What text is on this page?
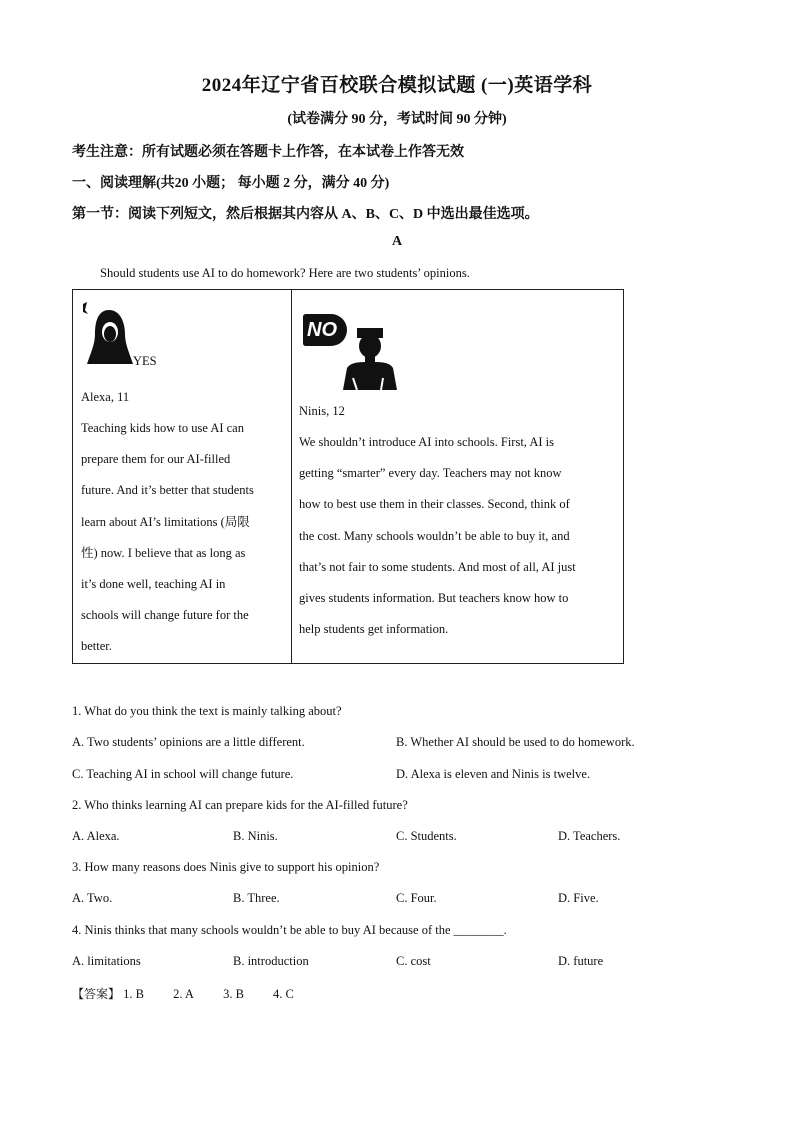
2024年辽宁省百校联合模拟试题 (一)英语学科
(试卷满分 90 分，考试时间 90 分钟)
考生注意：所有试题必须在答题卡上作答，在本试卷上作答无效
一、阅读理解(共20 小题； 每小题 2 分，满分 40 分)
第一节：阅读下列短文，然后根据其内容从 A、B、C、D 中选出最佳选项。
A
Should students use AI to do homework? Here are two students’ opinions.
YES
Alexa, 11
Teaching kids how to use AI can
prepare them for our AI-filled
future. And it’s better that students
learn about AI’s limitations (局限
性) now. I believe that as long as
it’s done well, teaching AI in
schools will change future for the
better.
NO
Ninis, 12
We shouldn’t introduce AI into schools. First, AI is
getting “smarter” every day. Teachers may not know
how to best use them in their classes. Second, think of
the cost. Many schools wouldn’t be able to buy it, and
that’s not fair to some students. And most of all, AI just
gives students information. But teachers know how to
help students get information.
1. What do you think the text is mainly talking about?
A. Two students’ opinions are a little different.	B. Whether AI should be used to do homework.
C. Teaching AI in school will change future.	D. Alexa is eleven and Ninis is twelve.
2. Who thinks learning AI can prepare kids for the AI-filled future?
A. Alexa.	B. Ninis.	C. Students.	D. Teachers.
3. How many reasons does Ninis give to support his opinion?
A. Two.	B. Three.	C. Four.	D. Five.
4. Ninis thinks that many schools wouldn’t be able to buy AI because of the ________.
A. limitations	B. introduction	C. cost	D. future
【答案】 1. B 2. A 3. B 4. C
